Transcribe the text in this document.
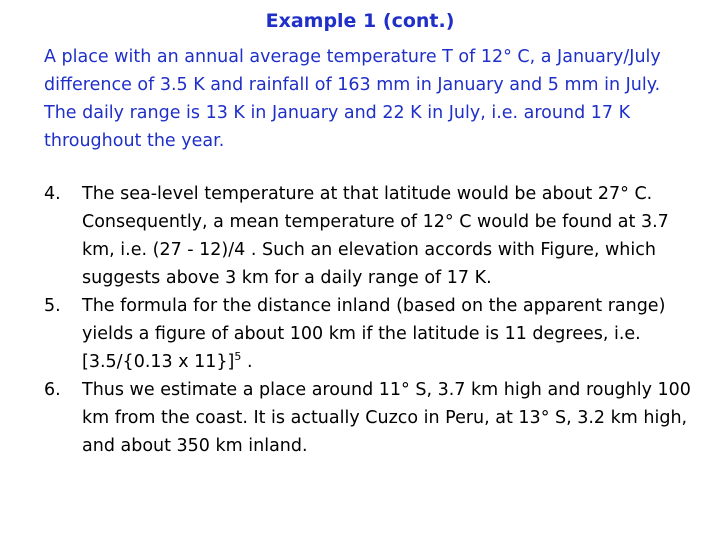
Example 1 (cont.)

A place with an annual average temperature T of 12° C, a January/July difference of 3.5 K and rainfall of 163 mm in January and 5 mm in July. The daily range is 13 K in January and 22 K in July, i.e. around 17 K throughout the year.

4. The sea-level temperature at that latitude would be about 27° C. Consequently, a mean temperature of 12° C would be found at 3.7 km, i.e. (27 - 12)/4 . Such an elevation accords with Figure, which suggests above 3 km for a daily range of 17 K.
5. The formula for the distance inland (based on the apparent range) yields a figure of about 100 km if the latitude is 11 degrees, i.e. [3.5/{0.13 x 11}]$^5$ .
6. Thus we estimate a place around 11° S, 3.7 km high and roughly 100 km from the coast. It is actually Cuzco in Peru, at 13° S, 3.2 km high, and about 350 km inland.
